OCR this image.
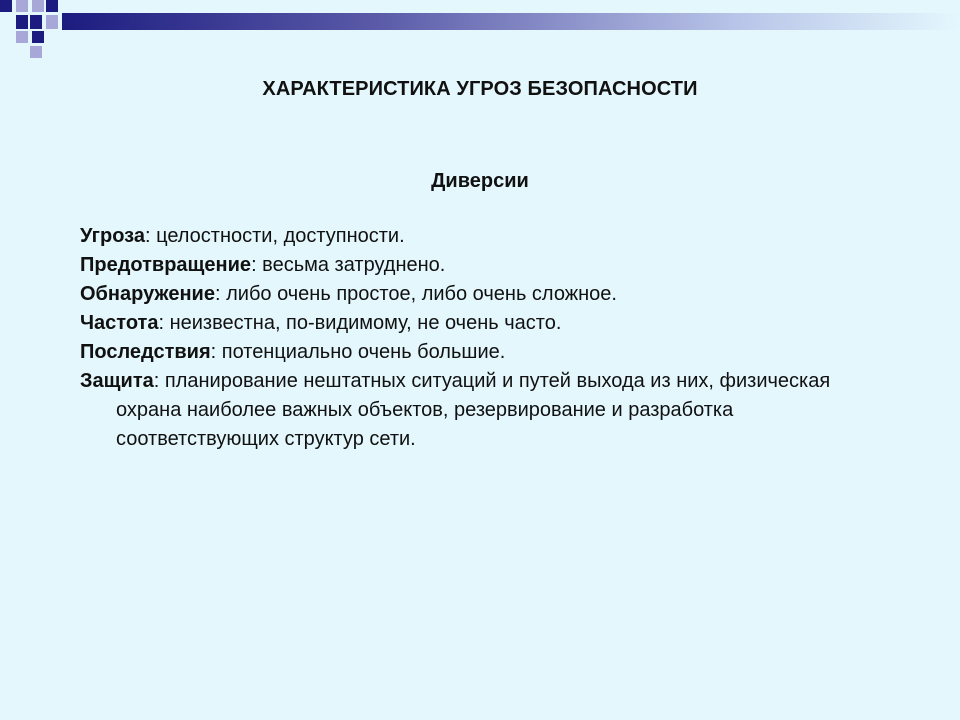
ХАРАКТЕРИСТИКА УГРОЗ БЕЗОПАСНОСТИ
Диверсии

Угроза: целостности, доступности.

Предотвращение: весьма затруднено.

Обнаружение: либо очень простое, либо очень сложное.

Частота: неизвестна, по-видимому, не очень часто.

Последствия: потенциально очень большие.

Защита: планирование нештатных ситуаций и путей выхода из них, физическая охрана наиболее важных объектов, резервирование и разработка соответствующих структур сети.
